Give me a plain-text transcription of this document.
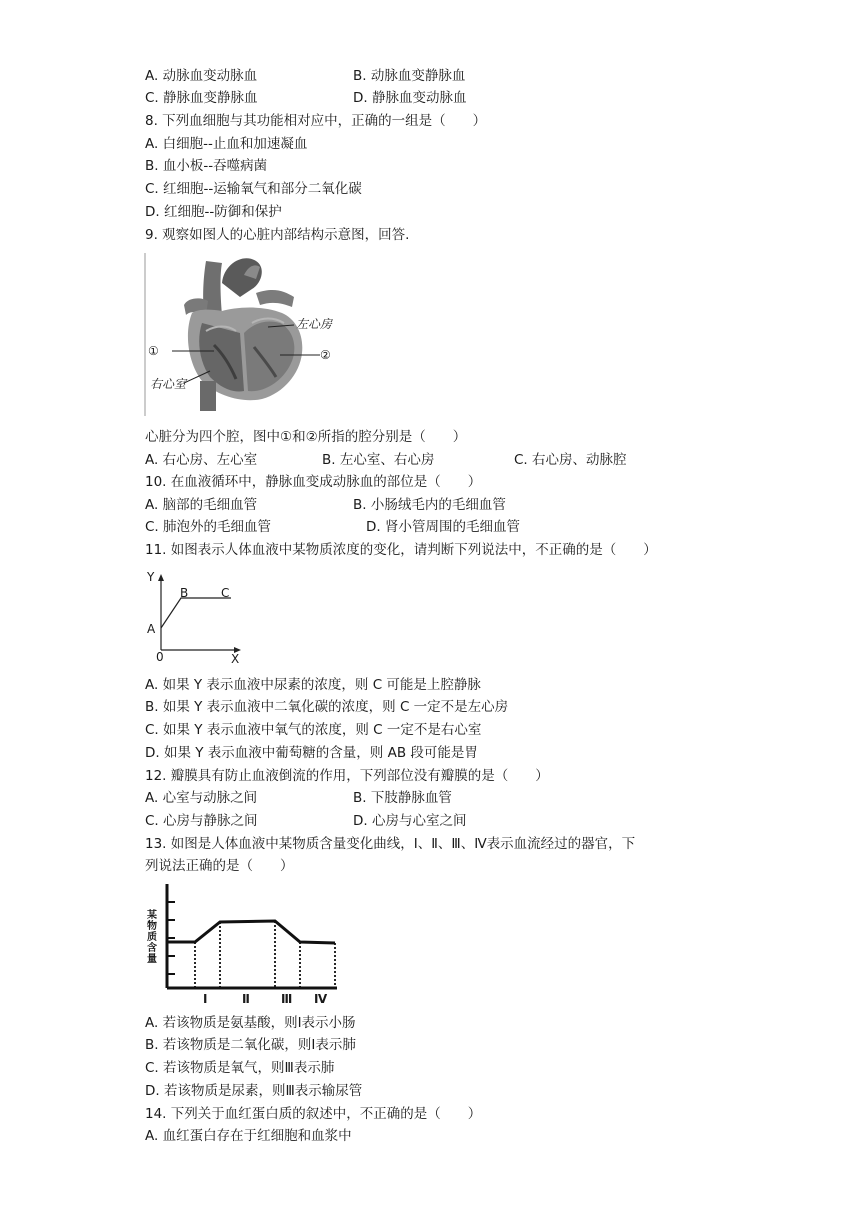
A. 动脉血变动脉血	B. 动脉血变静脉血
C. 静脉血变静脉血	D. 静脉血变动脉血
8. 下列血细胞与其功能相对应中，正确的一组是（　　）
A. 白细胞--止血和加速凝血
B. 血小板--吞噬病菌
C. 红细胞--运输氧气和部分二氧化碳
D. 红细胞--防御和保护
9. 观察如图人的心脏内部结构示意图，回答.
左心房
①	②
右心室
心脏分为四个腔，图中①和②所指的腔分别是（　　）
A. 右心房、左心室	B. 左心室、右心房	C. 右心房、动脉腔
10. 在血液循环中，静脉血变成动脉血的部位是（　　）
A. 脑部的毛细血管	B. 小肠绒毛内的毛细血管
C. 肺泡外的毛细血管	D. 肾小管周围的毛细血管
11. 如图表示人体血液中某物质浓度的变化，请判断下列说法中，不正确的是（　　）
Y
A
B	C
0	X
A. 如果 Y 表示血液中尿素的浓度，则 C 可能是上腔静脉
B. 如果 Y 表示血液中二氧化碳的浓度，则 C 一定不是左心房
C. 如果 Y 表示血液中氧气的浓度，则 C 一定不是右心室
D. 如果 Y 表示血液中葡萄糖的含量，则 AB 段可能是胃
12. 瓣膜具有防止血液倒流的作用，下列部位没有瓣膜的是（　　）
A. 心室与动脉之间	B. 下肢静脉血管
C. 心房与静脉之间	D. 心房与心室之间
13. 如图是人体血液中某物质含量变化曲线，Ⅰ、Ⅱ、Ⅲ、Ⅳ表示血流经过的器官，下
列说法正确的是（　　）
某
物
质
含
量
Ⅰ	Ⅱ	Ⅲ Ⅳ
A. 若该物质是氨基酸，则Ⅰ表示小肠
B. 若该物质是二氧化碳，则Ⅰ表示肺
C. 若该物质是氧气，则Ⅲ表示肺
D. 若该物质是尿素，则Ⅲ表示输尿管
14. 下列关于血红蛋白质的叙述中，不正确的是（　　）
A. 血红蛋白存在于红细胞和血浆中
